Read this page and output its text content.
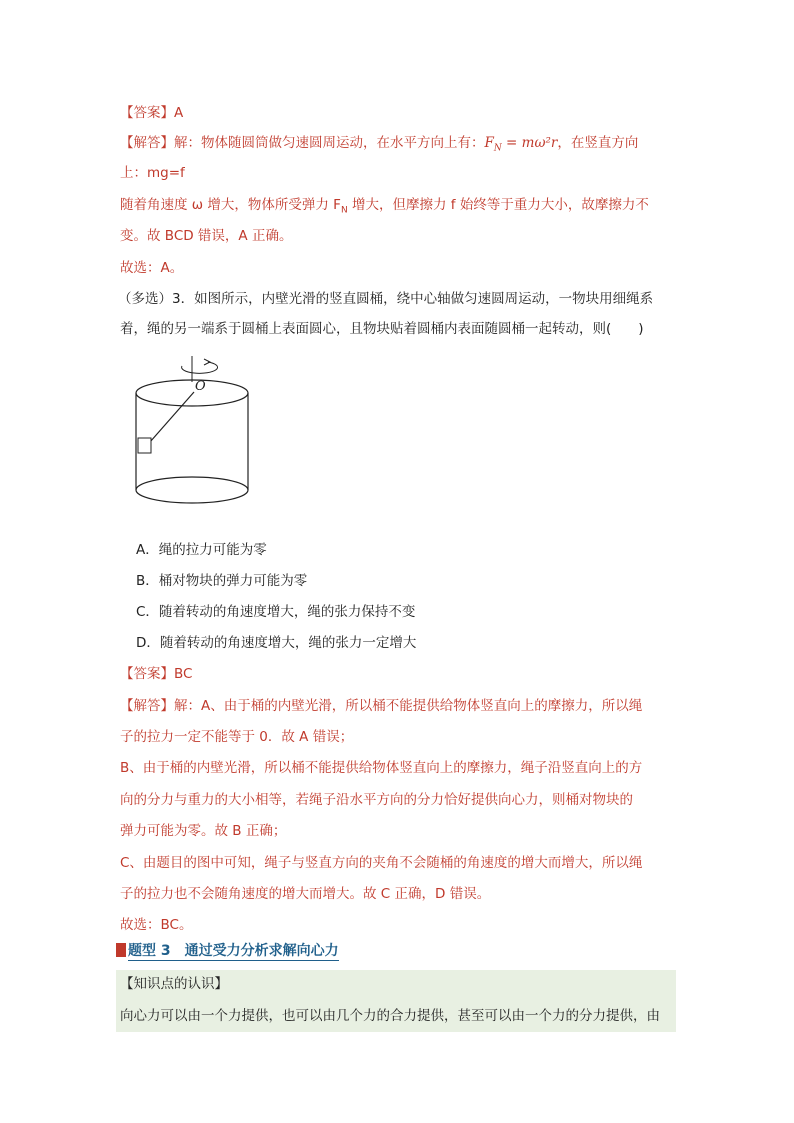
【答案】A
【解答】解：物体随圆筒做匀速圆周运动，在水平方向上有：$F_N = m\omega^2r$，在竖直方向
上：mg=f
随着角速度 ω 增大，物体所受弹力 $F_N$ 增大，但摩擦力 f 始终等于重力大小，故摩擦力不
变。故 BCD 错误，A 正确。
故选：A。
（多选）3．如图所示，内壁光滑的竖直圆桶，绕中心轴做匀速圆周运动，一物块用细绳系
着，绳的另一端系于圆桶上表面圆心，且物块贴着圆桶内表面随圆桶一起转动，则(　　)
O
A．绳的拉力可能为零
B．桶对物块的弹力可能为零
C．随着转动的角速度增大，绳的张力保持不变
D．随着转动的角速度增大，绳的张力一定增大
【答案】BC
【解答】解：A、由于桶的内壁光滑，所以桶不能提供给物体竖直向上的摩擦力，所以绳
子的拉力一定不能等于 0．故 A 错误；
B、由于桶的内壁光滑，所以桶不能提供给物体竖直向上的摩擦力，绳子沿竖直向上的方
向的分力与重力的大小相等，若绳子沿水平方向的分力恰好提供向心力，则桶对物块的
弹力可能为零。故 B 正确；
C、由题目的图中可知，绳子与竖直方向的夹角不会随桶的角速度的增大而增大，所以绳
子的拉力也不会随角速度的增大而增大。故 C 正确，D 错误。
故选：BC。
题型 3　通过受力分析求解向心力
【知识点的认识】
向心力可以由一个力提供，也可以由几个力的合力提供，甚至可以由一个力的分力提供，由
